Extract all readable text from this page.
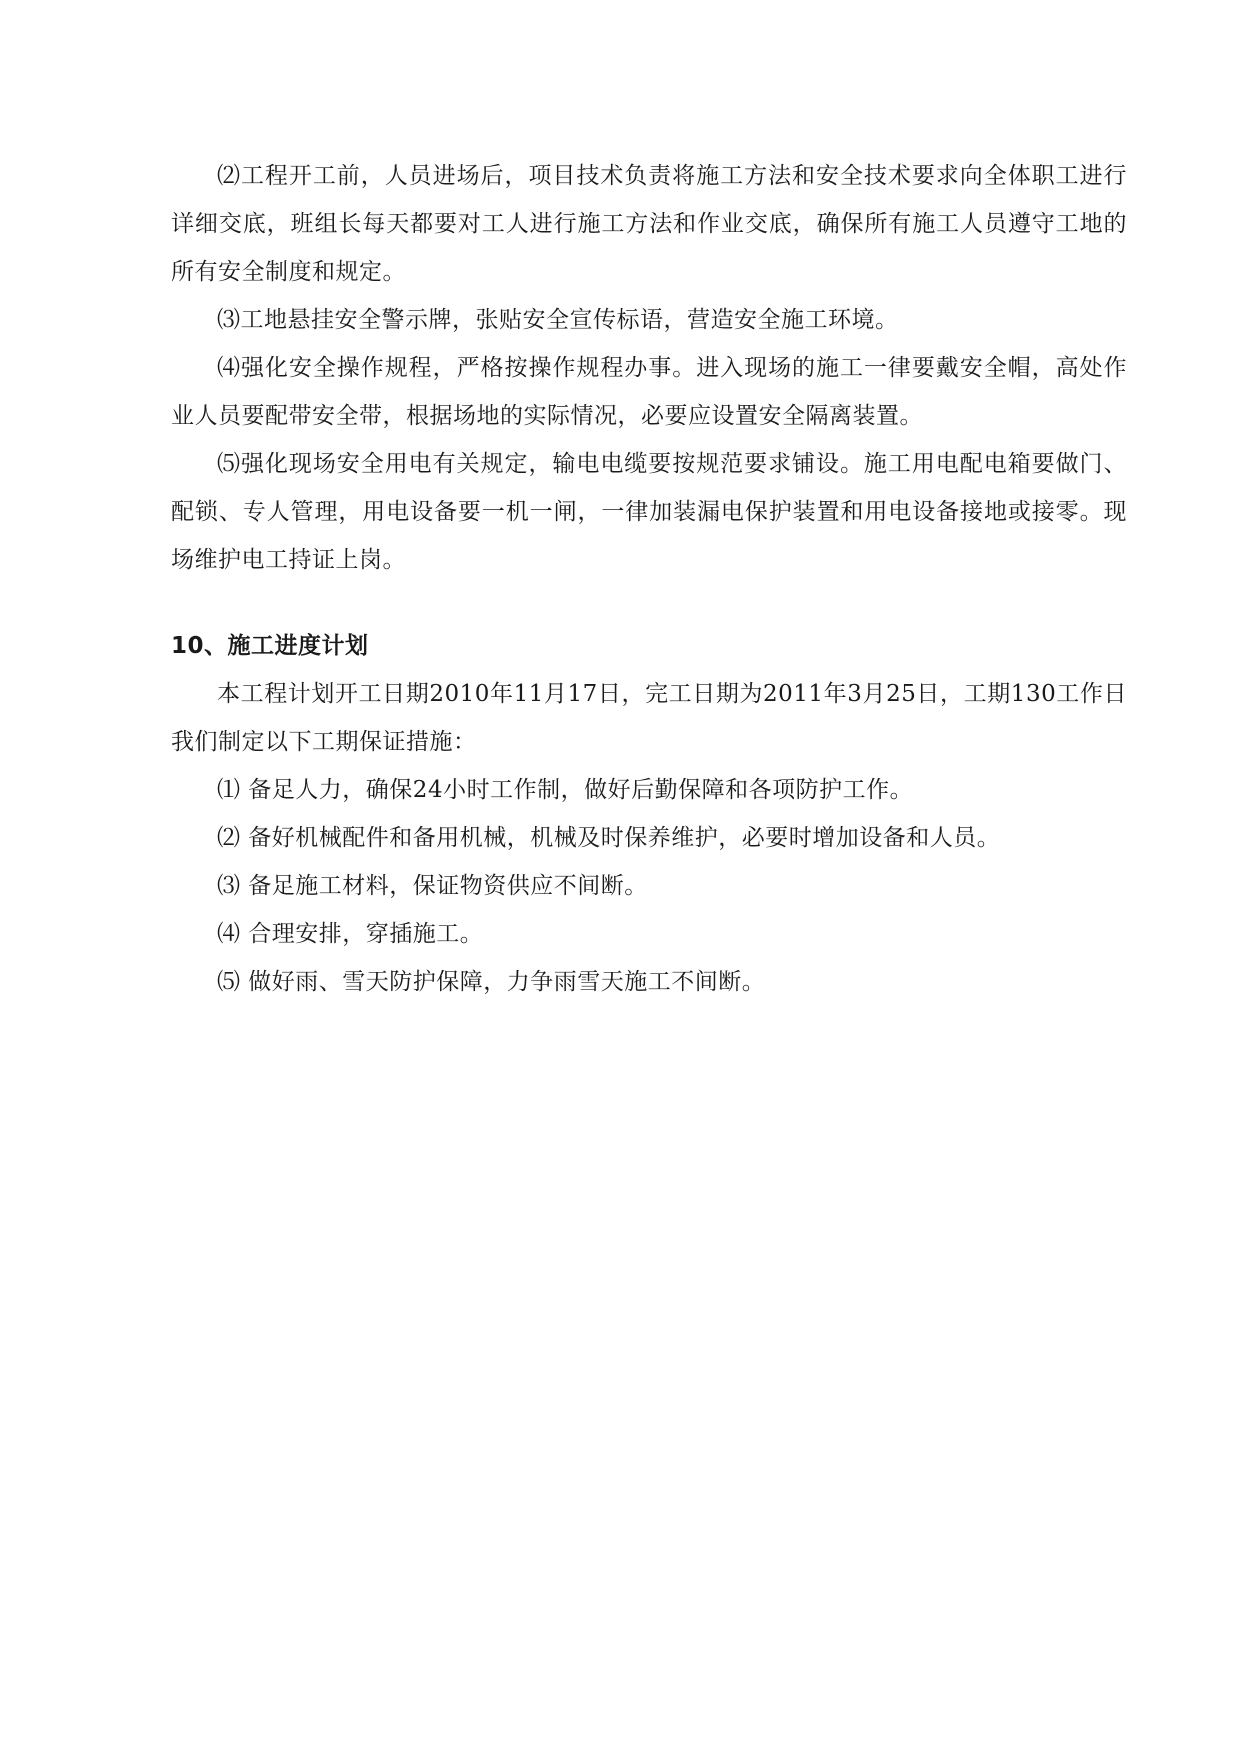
⑵工程开工前，人员进场后，项目技术负责将施工方法和安全技术要求向全体职工进行详细交底，班组长每天都要对工人进行施工方法和作业交底，确保所有施工人员遵守工地的所有安全制度和规定。

⑶工地悬挂安全警示牌，张贴安全宣传标语，营造安全施工环境。

⑷强化安全操作规程，严格按操作规程办事。进入现场的施工一律要戴安全帽，高处作业人员要配带安全带，根据场地的实际情况，必要应设置安全隔离装置。

⑸强化现场安全用电有关规定，输电电缆要按规范要求铺设。施工用电配电箱要做门、配锁、专人管理，用电设备要一机一闸，一律加装漏电保护装置和用电设备接地或接零。现场维护电工持证上岗。

10、施工进度计划

本工程计划开工日期2010年11月17日，完工日期为2011年3月25日，工期130工作日我们制定以下工期保证措施：

⑴ 备足人力，确保24小时工作制，做好后勤保障和各项防护工作。

⑵ 备好机械配件和备用机械，机械及时保养维护，必要时增加设备和人员。

⑶ 备足施工材料，保证物资供应不间断。

⑷ 合理安排，穿插施工。

⑸ 做好雨、雪天防护保障，力争雨雪天施工不间断。
